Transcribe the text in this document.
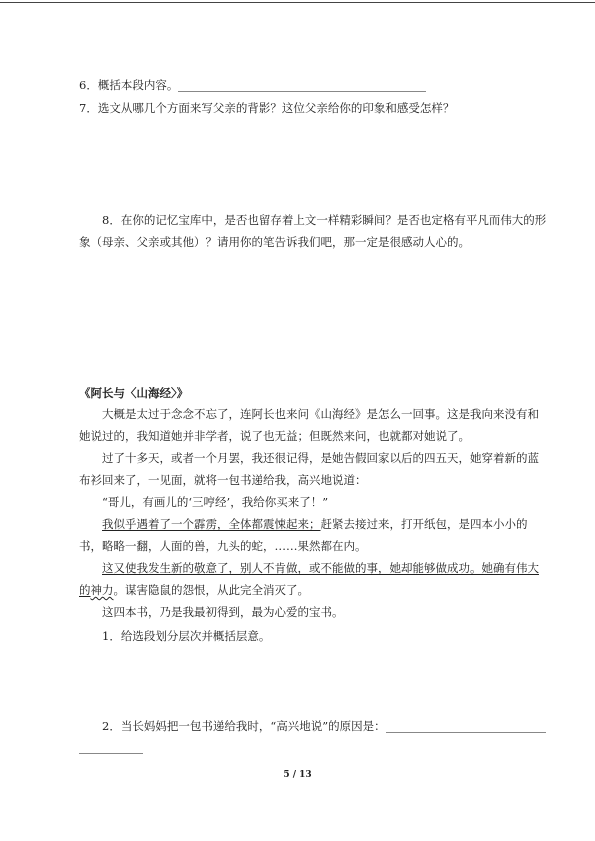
6．概括本段内容。
7．选文从哪几个方面来写父亲的背影？这位父亲给你的印象和感受怎样？
8．在你的记忆宝库中，是否也留存着上文一样精彩瞬间？是否也定格有平凡而伟大的形
象（母亲、父亲或其他）？请用你的笔告诉我们吧，那一定是很感动人心的。
《阿长与〈山海经〉》
大概是太过于念念不忘了，连阿长也来问《山海经》是怎么一回事。这是我向来没有和她说过的，我知道她并非学者，说了也无益；但既然来问，也就都对她说了。
过了十多天，或者一个月罢，我还很记得，是她告假回家以后的四五天，她穿着新的蓝布衫回来了，一见面，就将一包书递给我，高兴地说道：
“哥儿，有画儿的‘三哼经’，我给你买来了！”
我似乎遇着了一个霹雳，全体都震悚起来；赶紧去接过来，打开纸包，是四本小小的书，略略一翻，人面的兽，九头的蛇，……果然都在内。
这又使我发生新的敬意了，别人不肯做，或不能做的事，她却能够做成功。她确有伟大的神力。谋害隐鼠的怨恨，从此完全消灭了。
这四本书，乃是我最初得到，最为心爱的宝书。
1．给选段划分层次并概括层意。
2．当长妈妈把一包书递给我时，“高兴地说”的原因是：
5 / 13
